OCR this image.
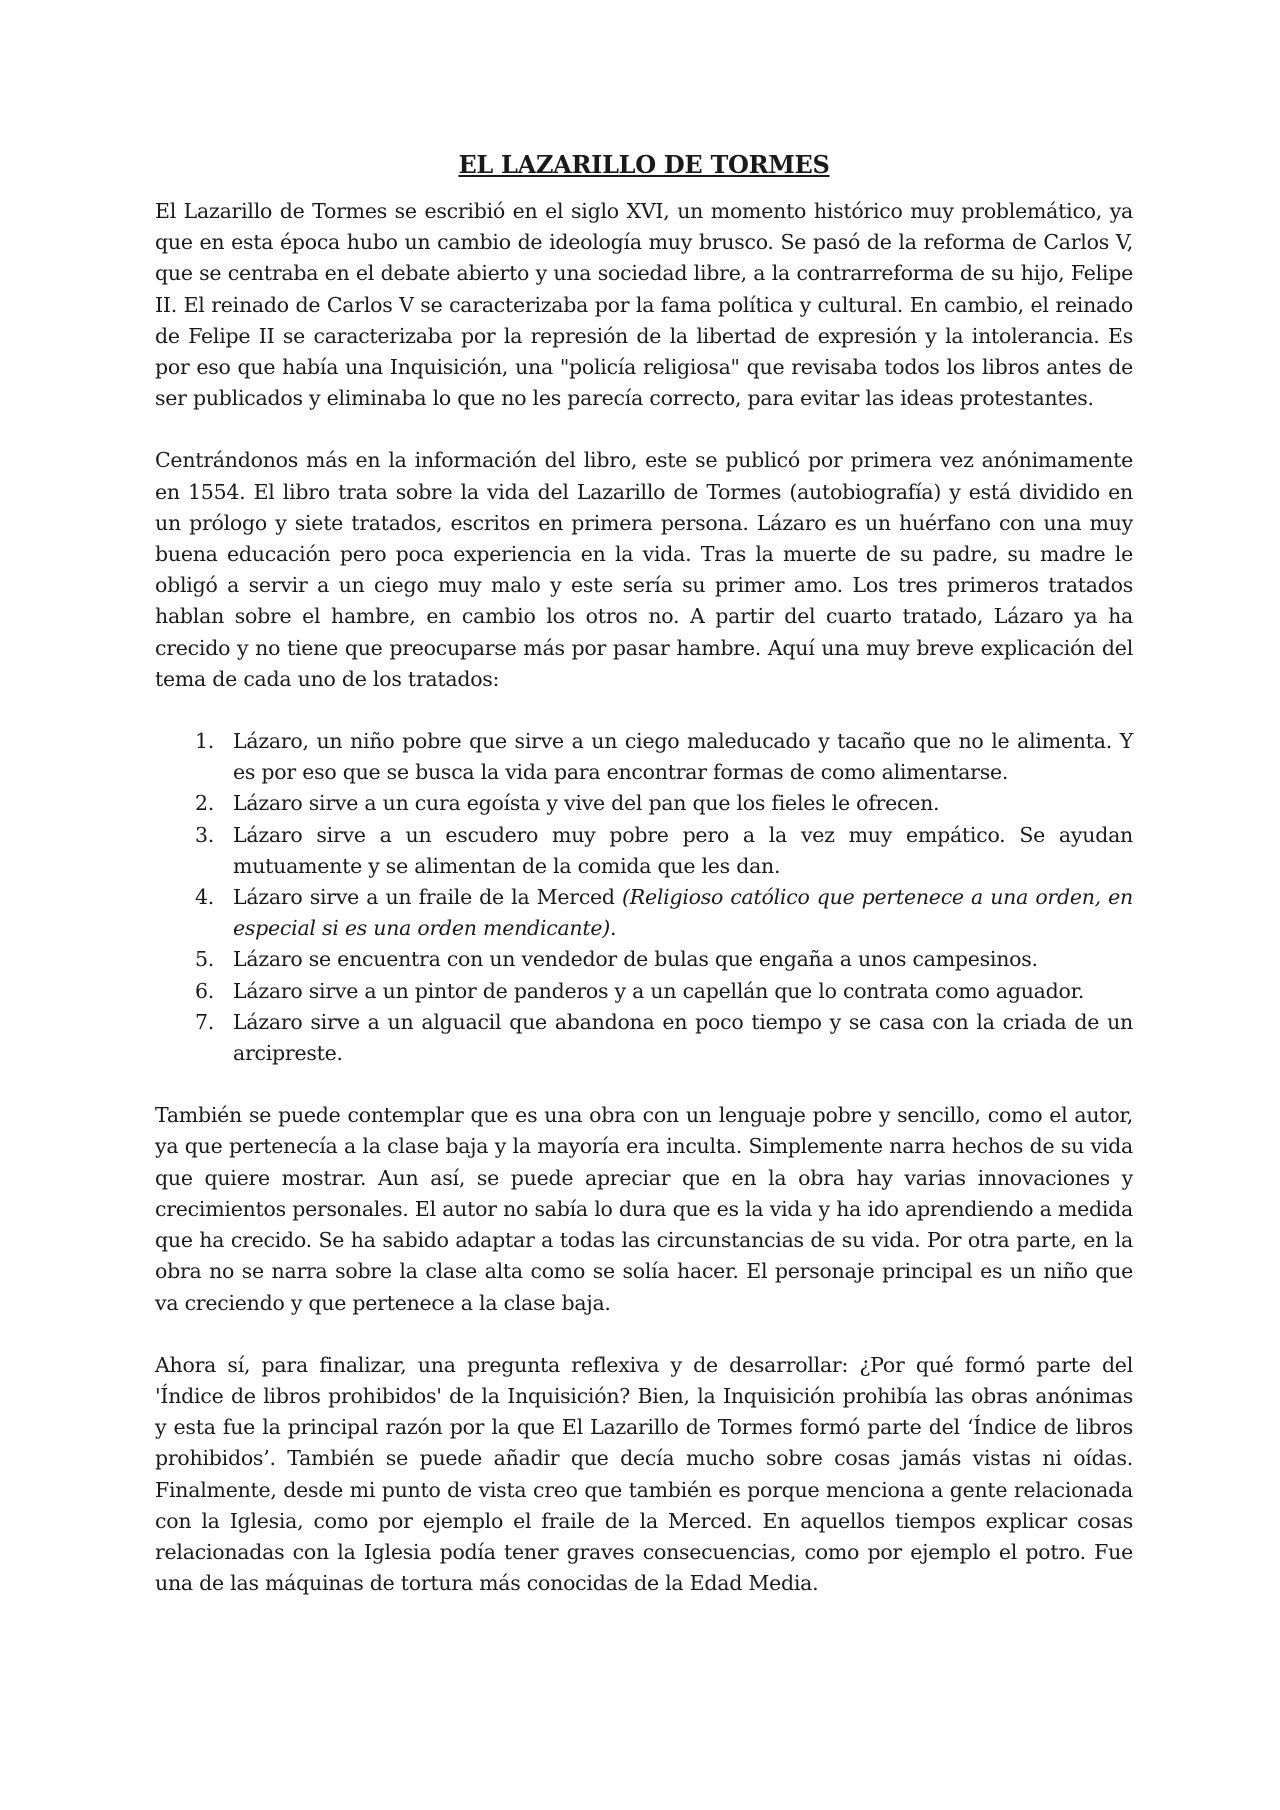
EL LAZARILLO DE TORMES

El Lazarillo de Tormes se escribió en el siglo XVI, un momento histórico muy problemático, ya que en esta época hubo un cambio de ideología muy brusco. Se pasó de la reforma de Carlos V, que se centraba en el debate abierto y una sociedad libre, a la contrarreforma de su hijo, Felipe II. El reinado de Carlos V se caracterizaba por la fama política y cultural. En cambio, el reinado de Felipe II se caracterizaba por la represión de la libertad de expresión y la intolerancia. Es por eso que había una Inquisición, una "policía religiosa" que revisaba todos los libros antes de ser publicados y eliminaba lo que no les parecía correcto, para evitar las ideas protestantes.

Centrándonos más en la información del libro, este se publicó por primera vez anónimamente en 1554. El libro trata sobre la vida del Lazarillo de Tormes (autobiografía) y está dividido en un prólogo y siete tratados, escritos en primera persona. Lázaro es un huérfano con una muy buena educación pero poca experiencia en la vida. Tras la muerte de su padre, su madre le obligó a servir a un ciego muy malo y este sería su primer amo. Los tres primeros tratados hablan sobre el hambre, en cambio los otros no. A partir del cuarto tratado, Lázaro ya ha crecido y no tiene que preocuparse más por pasar hambre. Aquí una muy breve explicación del tema de cada uno de los tratados:

1. Lázaro, un niño pobre que sirve a un ciego maleducado y tacaño que no le alimenta. Y es por eso que se busca la vida para encontrar formas de como alimentarse.
2. Lázaro sirve a un cura egoísta y vive del pan que los fieles le ofrecen.
3. Lázaro sirve a un escudero muy pobre pero a la vez muy empático. Se ayudan mutuamente y se alimentan de la comida que les dan.
4. Lázaro sirve a un fraile de la Merced (Religioso católico que pertenece a una orden, en especial si es una orden mendicante).
5. Lázaro se encuentra con un vendedor de bulas que engaña a unos campesinos.
6. Lázaro sirve a un pintor de panderos y a un capellán que lo contrata como aguador.
7. Lázaro sirve a un alguacil que abandona en poco tiempo y se casa con la criada de un arcipreste.

También se puede contemplar que es una obra con un lenguaje pobre y sencillo, como el autor, ya que pertenecía a la clase baja y la mayoría era inculta. Simplemente narra hechos de su vida que quiere mostrar. Aun así, se puede apreciar que en la obra hay varias innovaciones y crecimientos personales. El autor no sabía lo dura que es la vida y ha ido aprendiendo a medida que ha crecido. Se ha sabido adaptar a todas las circunstancias de su vida. Por otra parte, en la obra no se narra sobre la clase alta como se solía hacer. El personaje principal es un niño que va creciendo y que pertenece a la clase baja.

Ahora sí, para finalizar, una pregunta reflexiva y de desarrollar: ¿Por qué formó parte del 'Índice de libros prohibidos' de la Inquisición? Bien, la Inquisición prohibía las obras anónimas y esta fue la principal razón por la que El Lazarillo de Tormes formó parte del ‘Índice de libros prohibidos’. También se puede añadir que decía mucho sobre cosas jamás vistas ni oídas. Finalmente, desde mi punto de vista creo que también es porque menciona a gente relacionada con la Iglesia, como por ejemplo el fraile de la Merced. En aquellos tiempos explicar cosas relacionadas con la Iglesia podía tener graves consecuencias, como por ejemplo el potro. Fue una de las máquinas de tortura más conocidas de la Edad Media.
